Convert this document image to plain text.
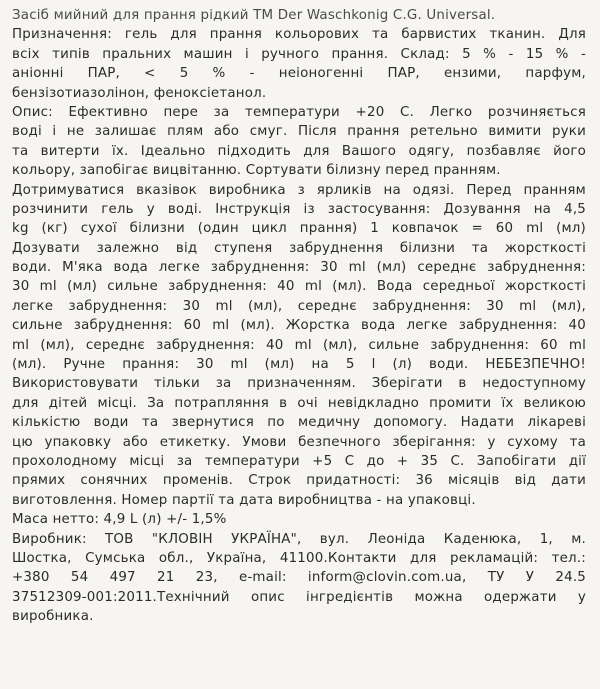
Засіб мийний для прання рідкий TM Der Waschkonig C.G. Universal.
Призначення: гель для прання кольорових та барвистих тканин. Для
всіх типів пральних машин і ручного прання. Склад: 5 % - 15 % -
аніонні ПАР, < 5 % - неіоногенні ПАР, ензими, парфум,
бензізотиазолінон, феноксіетанол.
Опис: Ефективно пере за температури +20 С. Легко розчиняється
воді і не залишає плям або смуг. Після прання ретельно вимити руки
та витерти їх. Ідеально підходить для Вашого одягу, позбавляє його
кольору, запобігає вицвітанню. Сортувати білизну перед пранням.
Дотримуватися вказівок виробника з ярликів на одязі. Перед пранням
розчинити гель у воді. Інструкція із застосування: Дозування на 4,5
kg (кг) сухої білизни (один цикл прання) 1 ковпачок = 60 ml (мл)
Дозувати залежно від ступеня забруднення білизни та жорсткості
води. М'яка вода легке забруднення: 30 ml (мл) середнє забруднення:
30 ml (мл) сильне забруднення: 40 ml (мл). Вода середньої жорсткості
легке забруднення: 30 ml (мл), середнє забруднення: 30 ml (мл),
сильне забруднення: 60 ml (мл). Жорстка вода легке забруднення: 40
ml (мл), середнє забруднення: 40 ml (мл), сильне забруднення: 60 ml
(мл). Ручне прання: 30 ml (мл) на 5 l (л) води. НЕБЕЗПЕЧНО!
Використовувати тільки за призначенням. Зберігати в недоступному
для дітей місці. За потрапляння в очі невідкладно промити їх великою
кількістю води та звернутися по медичну допомогу. Надати лікареві
цю упаковку або етикетку. Умови безпечного зберігання: у сухому та
прохолодному місці за температури +5 С до + 35 С. Запобігати дії
прямих сонячних променів. Строк придатності: 36 місяців від дати
виготовлення. Номер партії та дата виробництва - на упаковці.
Маса нетто: 4,9 L (л) +/- 1,5%
Виробник: ТОВ "КЛОВІН УКРАЇНА", вул. Леоніда Каденюка, 1, м.
Шостка, Сумська обл., Україна, 41100.Контакти для рекламацій: тел.:
+380 54 497 21 23, e-mail: inform@clovin.com.ua, ТУ У 24.5
37512309-001:2011.Технічний опис інгредієнтів можна одержати у
виробника.
